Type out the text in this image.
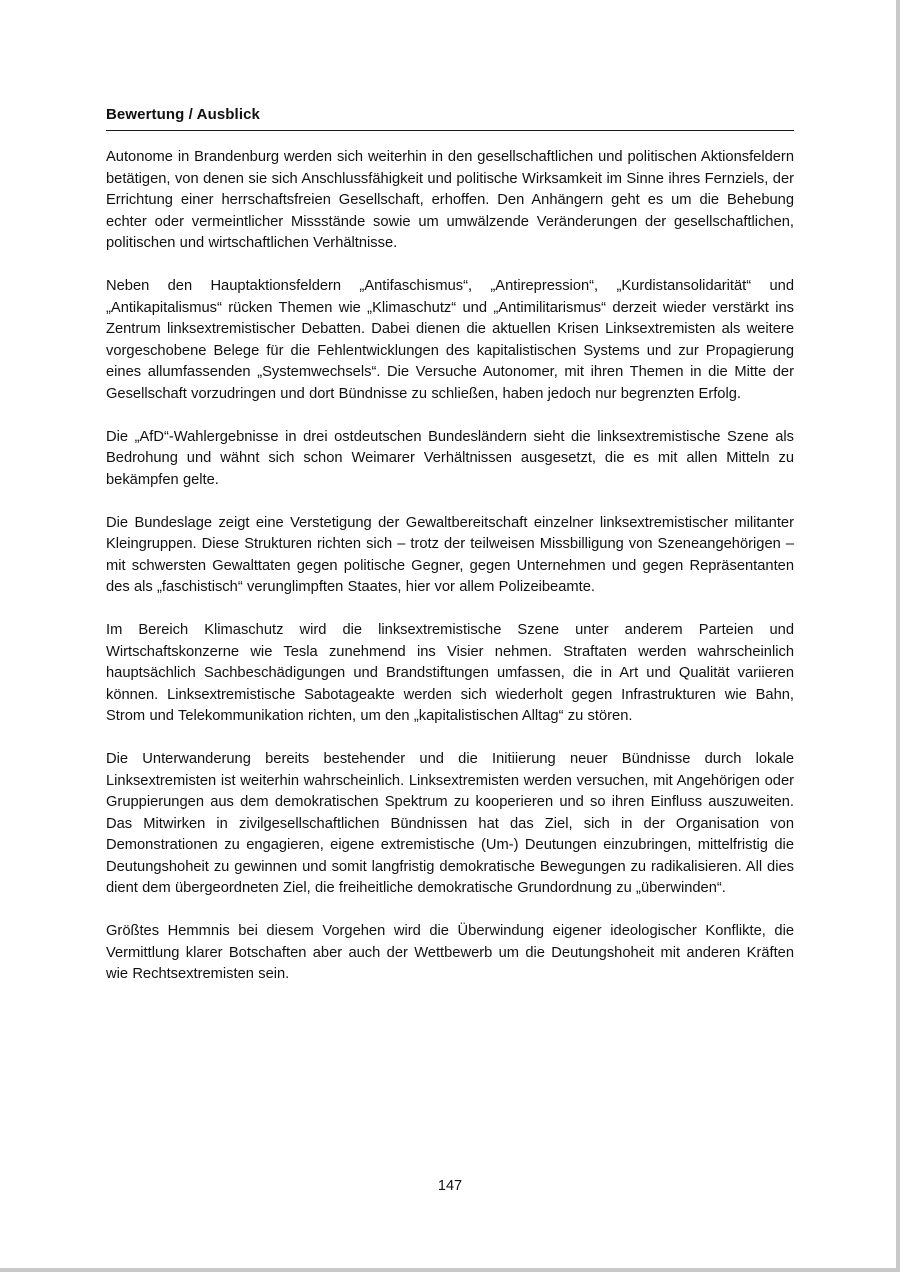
Bewertung / Ausblick

Autonome in Brandenburg werden sich weiterhin in den gesellschaftlichen und politischen Aktionsfeldern betätigen, von denen sie sich Anschlussfähigkeit und politische Wirksamkeit im Sinne ihres Fernziels, der Errichtung einer herrschaftsfreien Gesellschaft, erhoffen. Den Anhängern geht es um die Behebung echter oder vermeintlicher Missstände sowie um umwälzende Veränderungen der gesellschaftlichen, politischen und wirtschaftlichen Verhältnisse.

Neben den Hauptaktionsfeldern „Antifaschismus“, „Antirepression“, „Kurdistansolidarität“ und „Antikapitalismus“ rücken Themen wie „Klimaschutz“ und „Antimilitarismus“ derzeit wieder verstärkt ins Zentrum linksextremistischer Debatten. Dabei dienen die aktuellen Krisen Linksextremisten als weitere vorgeschobene Belege für die Fehlentwicklungen des kapitalistischen Systems und zur Propagierung eines allumfassenden „Systemwechsels“. Die Versuche Autonomer, mit ihren Themen in die Mitte der Gesellschaft vorzudringen und dort Bündnisse zu schließen, haben jedoch nur begrenzten Erfolg.

Die „AfD“-Wahlergebnisse in drei ostdeutschen Bundesländern sieht die linksextremistische Szene als Bedrohung und wähnt sich schon Weimarer Verhältnissen ausgesetzt, die es mit allen Mitteln zu bekämpfen gelte.

Die Bundeslage zeigt eine Verstetigung der Gewaltbereitschaft einzelner linksextremistischer militanter Kleingruppen. Diese Strukturen richten sich – trotz der teilweisen Missbilligung von Szeneangehörigen – mit schwersten Gewalttaten gegen politische Gegner, gegen Unternehmen und gegen Repräsentanten des als „faschistisch“ verunglimpften Staates, hier vor allem Polizeibeamte.

Im Bereich Klimaschutz wird die linksextremistische Szene unter anderem Parteien und Wirtschaftskonzerne wie Tesla zunehmend ins Visier nehmen. Straftaten werden wahrscheinlich hauptsächlich Sachbeschädigungen und Brandstiftungen umfassen, die in Art und Qualität variieren können. Linksextremistische Sabotageakte werden sich wiederholt gegen Infrastrukturen wie Bahn, Strom und Telekommunikation richten, um den „kapitalistischen Alltag“ zu stören.

Die Unterwanderung bereits bestehender und die Initiierung neuer Bündnisse durch lokale Linksextremisten ist weiterhin wahrscheinlich. Linksextremisten werden versuchen, mit Angehörigen oder Gruppierungen aus dem demokratischen Spektrum zu kooperieren und so ihren Einfluss auszuweiten. Das Mitwirken in zivilgesellschaftlichen Bündnissen hat das Ziel, sich in der Organisation von Demonstrationen zu engagieren, eigene extremistische (Um-) Deutungen einzubringen, mittelfristig die Deutungshoheit zu gewinnen und somit langfristig demokratische Bewegungen zu radikalisieren. All dies dient dem übergeordneten Ziel, die freiheitliche demokratische Grundordnung zu „überwinden“.

Größtes Hemmnis bei diesem Vorgehen wird die Überwindung eigener ideologischer Konflikte, die Vermittlung klarer Botschaften aber auch der Wettbewerb um die Deutungshoheit mit anderen Kräften wie Rechtsextremisten sein.

147
